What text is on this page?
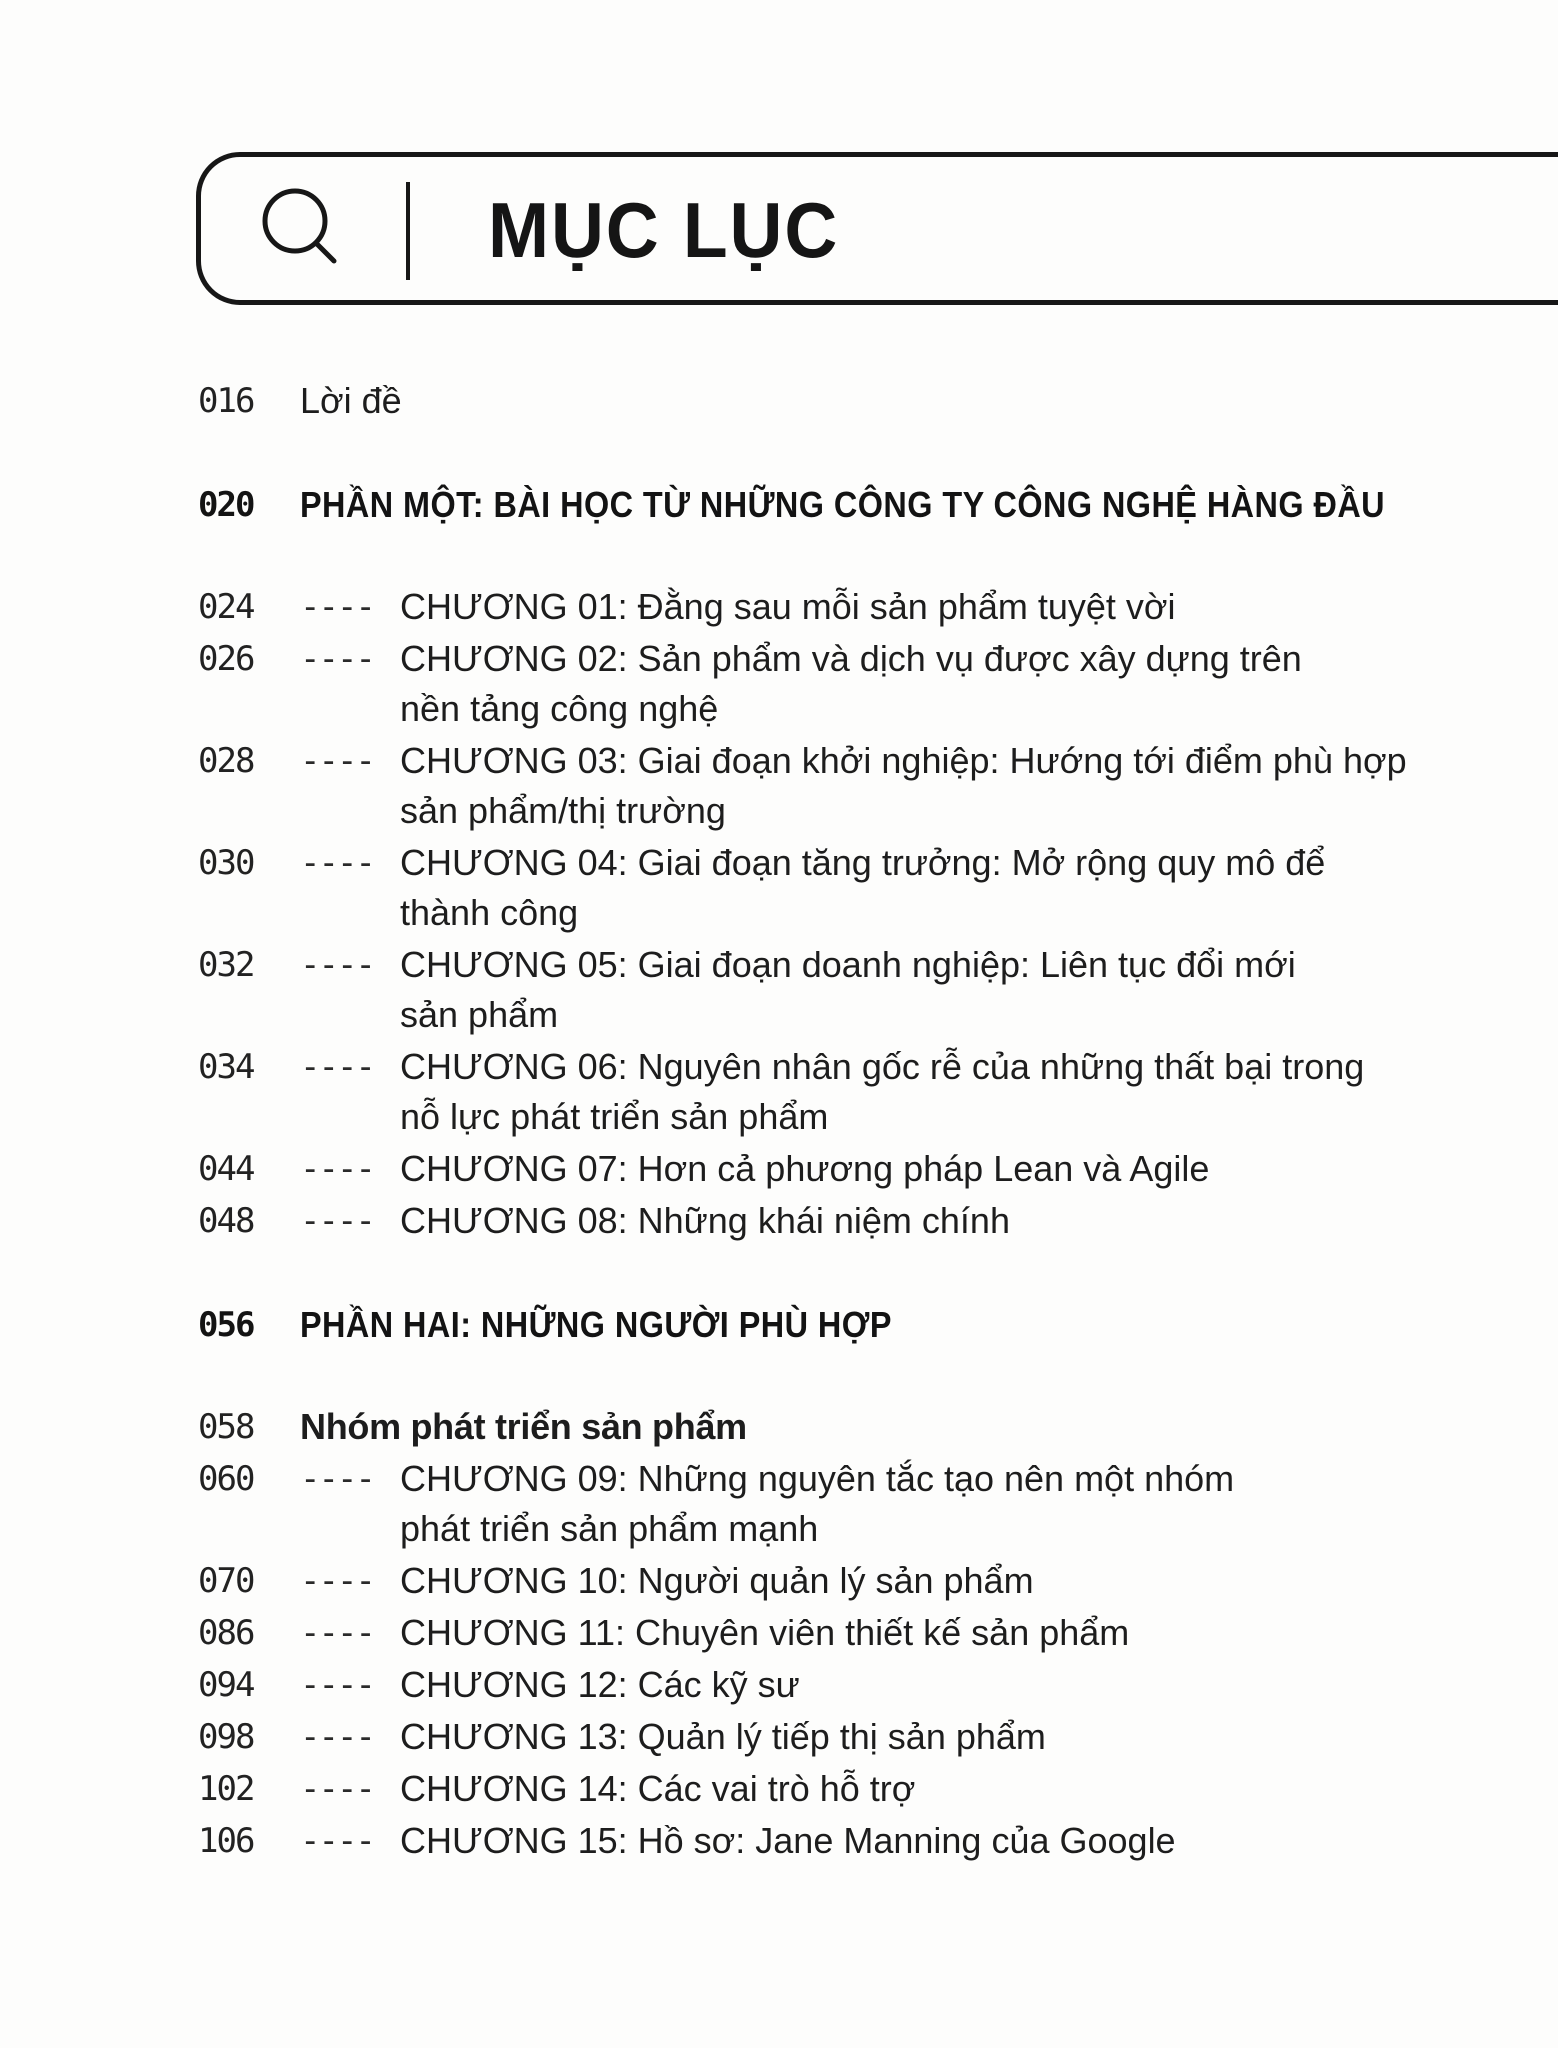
MỤC LỤC
016	Lời đề
020	PHẦN MỘT: BÀI HỌC TỪ NHỮNG CÔNG TY CÔNG NGHỆ HÀNG ĐẦU
024	---- CHƯƠNG 01: Đằng sau mỗi sản phẩm tuyệt vời
026	---- CHƯƠNG 02: Sản phẩm và dịch vụ được xây dựng trên
nền tảng công nghệ
028	---- CHƯƠNG 03: Giai đoạn khởi nghiệp: Hướng tới điểm phù hợp
sản phẩm/thị trường
030	---- CHƯƠNG 04: Giai đoạn tăng trưởng: Mở rộng quy mô để
thành công
032	---- CHƯƠNG 05: Giai đoạn doanh nghiệp: Liên tục đổi mới
sản phẩm
034	---- CHƯƠNG 06: Nguyên nhân gốc rễ của những thất bại trong
nỗ lực phát triển sản phẩm
044	---- CHƯƠNG 07: Hơn cả phương pháp Lean và Agile
048	---- CHƯƠNG 08: Những khái niệm chính
056	PHẦN HAI: NHỮNG NGƯỜI PHÙ HỢP
058	Nhóm phát triển sản phẩm
060	---- CHƯƠNG 09: Những nguyên tắc tạo nên một nhóm
phát triển sản phẩm mạnh
070	---- CHƯƠNG 10: Người quản lý sản phẩm
086	---- CHƯƠNG 11: Chuyên viên thiết kế sản phẩm
094	---- CHƯƠNG 12: Các kỹ sư
098	---- CHƯƠNG 13: Quản lý tiếp thị sản phẩm
102	---- CHƯƠNG 14: Các vai trò hỗ trợ
106	---- CHƯƠNG 15: Hồ sơ: Jane Manning của Google
